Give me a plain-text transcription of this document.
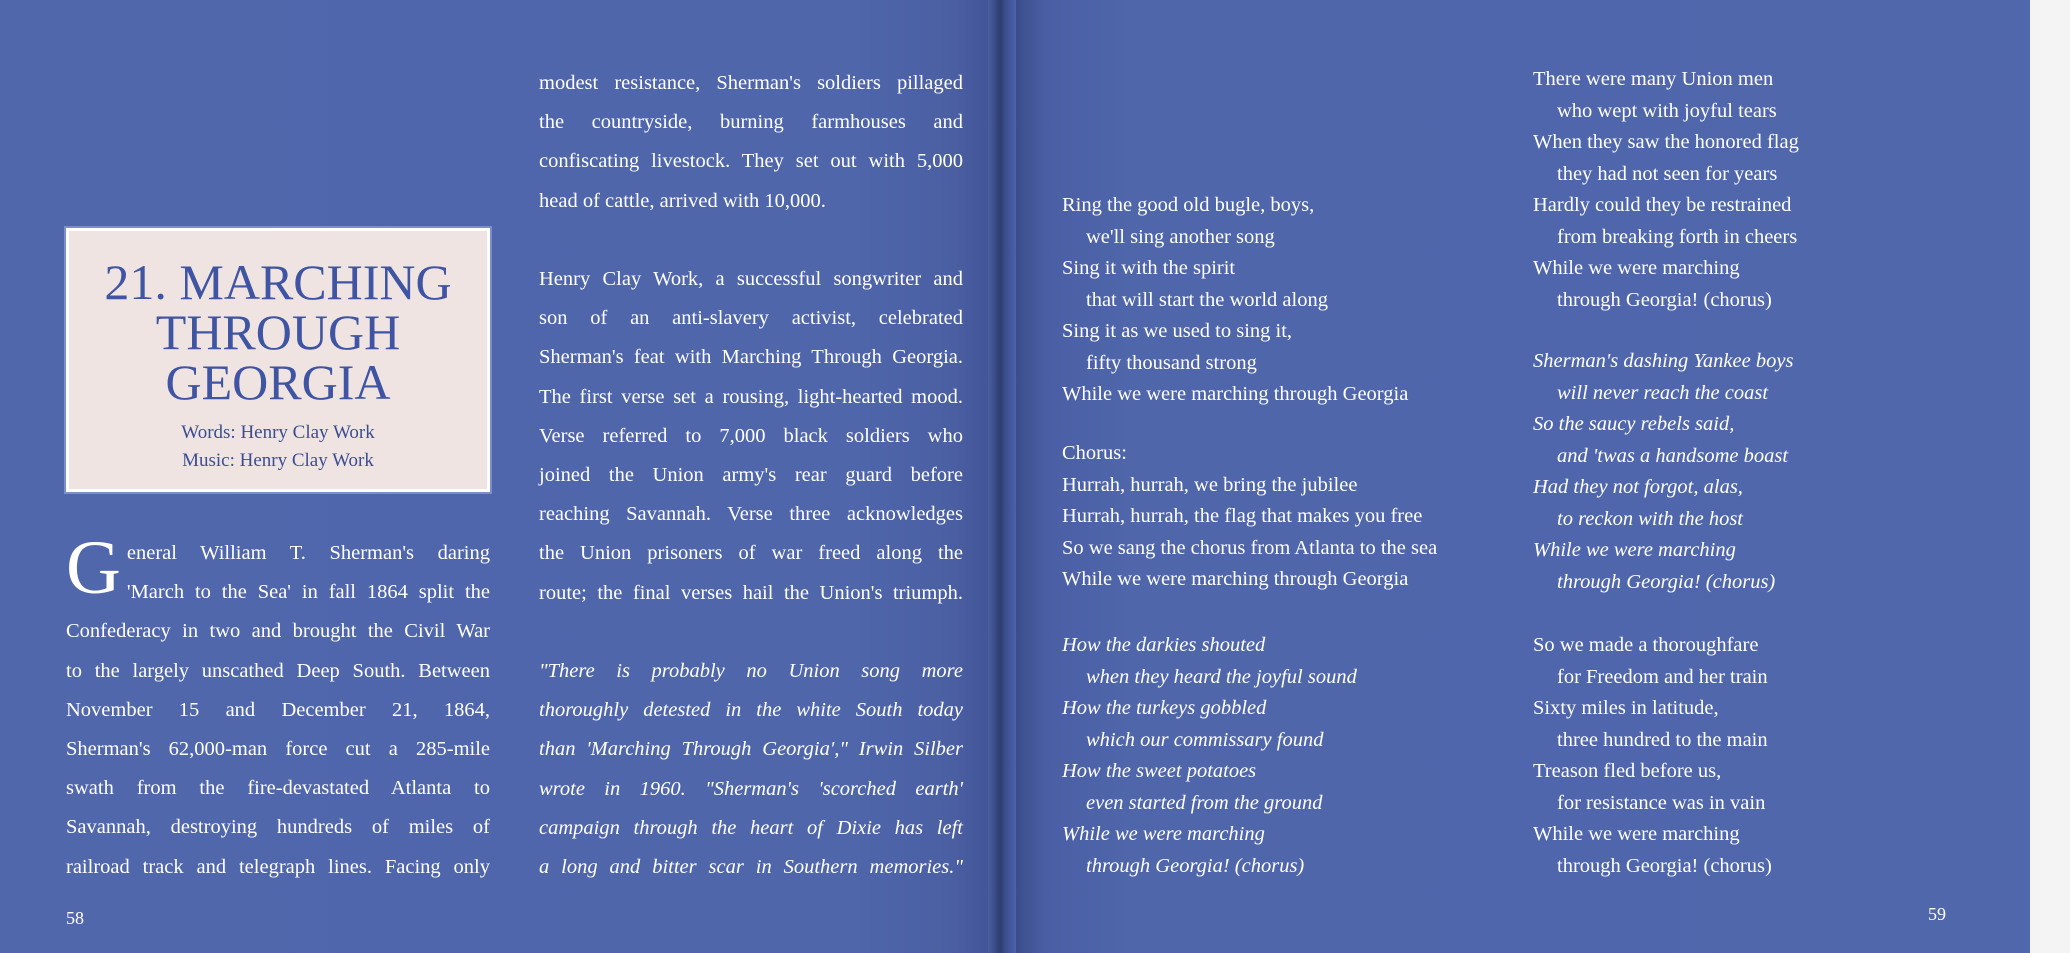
21. MARCHING
THROUGH
GEORGIA
Words: Henry Clay Work
Music: Henry Clay Work
G eneral William T. Sherman's daring
'March to the Sea' in fall 1864 split the
Confederacy in two and brought the Civil War
to the largely unscathed Deep South. Between
November 15 and December 21, 1864,
Sherman's 62,000-man force cut a 285-mile
swath from the fire-devastated Atlanta to
Savannah, destroying hundreds of miles of
railroad track and telegraph lines. Facing only
modest resistance, Sherman's soldiers pillaged
the countryside, burning farmhouses and
confiscating livestock. They set out with 5,000
head of cattle, arrived with 10,000.
Henry Clay Work, a successful songwriter and
son of an anti-slavery activist, celebrated
Sherman's feat with Marching Through Georgia.
The first verse set a rousing, light-hearted mood.
Verse referred to 7,000 black soldiers who
joined the Union army's rear guard before
reaching Savannah. Verse three acknowledges
the Union prisoners of war freed along the
route; the final verses hail the Union's triumph.
"There is probably no Union song more
thoroughly detested in the white South today
than 'Marching Through Georgia'," Irwin Silber
wrote in 1960. "Sherman's 'scorched earth'
campaign through the heart of Dixie has left
a long and bitter scar in Southern memories."
Ring the good old bugle, boys,
we'll sing another song
Sing it with the spirit
that will start the world along
Sing it as we used to sing it,
fifty thousand strong
While we were marching through Georgia
Chorus:
Hurrah, hurrah, we bring the jubilee
Hurrah, hurrah, the flag that makes you free
So we sang the chorus from Atlanta to the sea
While we were marching through Georgia
How the darkies shouted
when they heard the joyful sound
How the turkeys gobbled
which our commissary found
How the sweet potatoes
even started from the ground
While we were marching
through Georgia! (chorus)
There were many Union men
who wept with joyful tears
When they saw the honored flag
they had not seen for years
Hardly could they be restrained
from breaking forth in cheers
While we were marching
through Georgia! (chorus)
Sherman's dashing Yankee boys
will never reach the coast
So the saucy rebels said,
and 'twas a handsome boast
Had they not forgot, alas,
to reckon with the host
While we were marching
through Georgia! (chorus)
So we made a thoroughfare
for Freedom and her train
Sixty miles in latitude,
three hundred to the main
Treason fled before us,
for resistance was in vain
While we were marching
through Georgia! (chorus)
58	59
